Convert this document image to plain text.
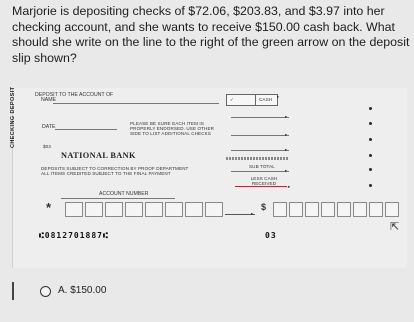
Marjorie is depositing checks of $72.06, $203.83, and $3.97 into her checking account, and she wants to receive $150.00 cash back. What should she write on the line to the right of the green arrow on the deposit slip shown?
CHECKING DEPOSIT	DEPOSIT TO THE ACCOUNT OF
NAME	✓	CASH
▸
DATE
PLEASE BE SURE EACH ITEM IS
PROPERLY ENDORSED. USE OTHER
SIDE TO LIST ADDITIONAL CHECKS
$03
NATIONAL BANK
DEPOSITS SUBJECT TO CORRECTION BY PROOF DEPARTMENT
ALL ITEMS CREDITED SUBJECT TO THE FINAL PAYMENT
SUB TOTAL
LESS CASH RECEIVED
▸
▸
▸
▸
▸
ACCOUNT NUMBER
*	▸
$
⑆0812701887⑆	03
⇱
A. $150.00
